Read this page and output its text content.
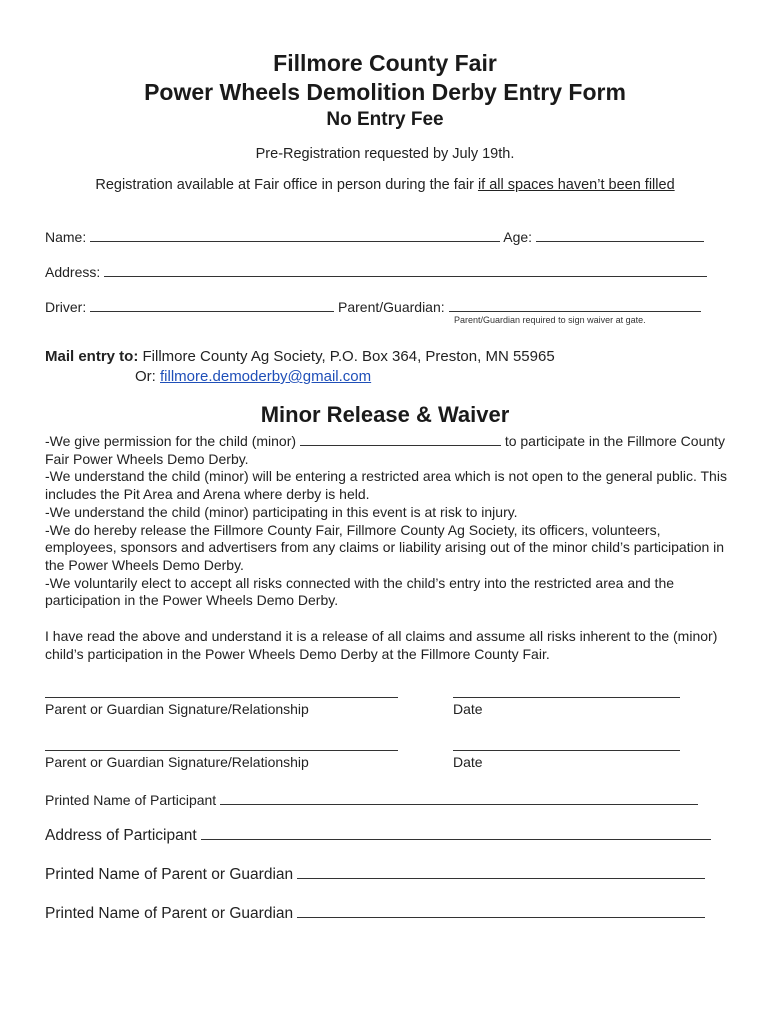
Fillmore County Fair
Power Wheels Demolition Derby Entry Form
No Entry Fee
Pre-Registration requested by July 19th.
Registration available at Fair office in person during the fair if all spaces haven’t been filled
Name:	Age:
Address:
Driver:	Parent/Guardian:
Parent/Guardian required to sign waiver at gate.
Mail entry to: Fillmore County Ag Society, P.O. Box 364, Preston, MN 55965
Or: fillmore.demoderby@gmail.com
Minor Release & Waiver

-We give permission for the child (minor)	to participate in the Fillmore County Fair Power Wheels Demo Derby.

-We understand the child (minor) will be entering a restricted area which is not open to the general public. This includes the Pit Area and Arena where derby is held.

-We understand the child (minor) participating in this event is at risk to injury.

-We do hereby release the Fillmore County Fair, Fillmore County Ag Society, its officers, volunteers, employees, sponsors and advertisers from any claims or liability arising out of the minor child’s participation in the Power Wheels Demo Derby.

-We voluntarily elect to accept all risks connected with the child’s entry into the restricted area and the participation in the Power Wheels Demo Derby.

I have read the above and understand it is a release of all claims and assume all risks inherent to the (minor) child’s participation in the Power Wheels Demo Derby at the Fillmore County Fair.
Parent or Guardian Signature/Relationship	Date
Parent or Guardian Signature/Relationship	Date
Printed Name of Participant
Address of Participant
Printed Name of Parent or Guardian
Printed Name of Parent or Guardian
